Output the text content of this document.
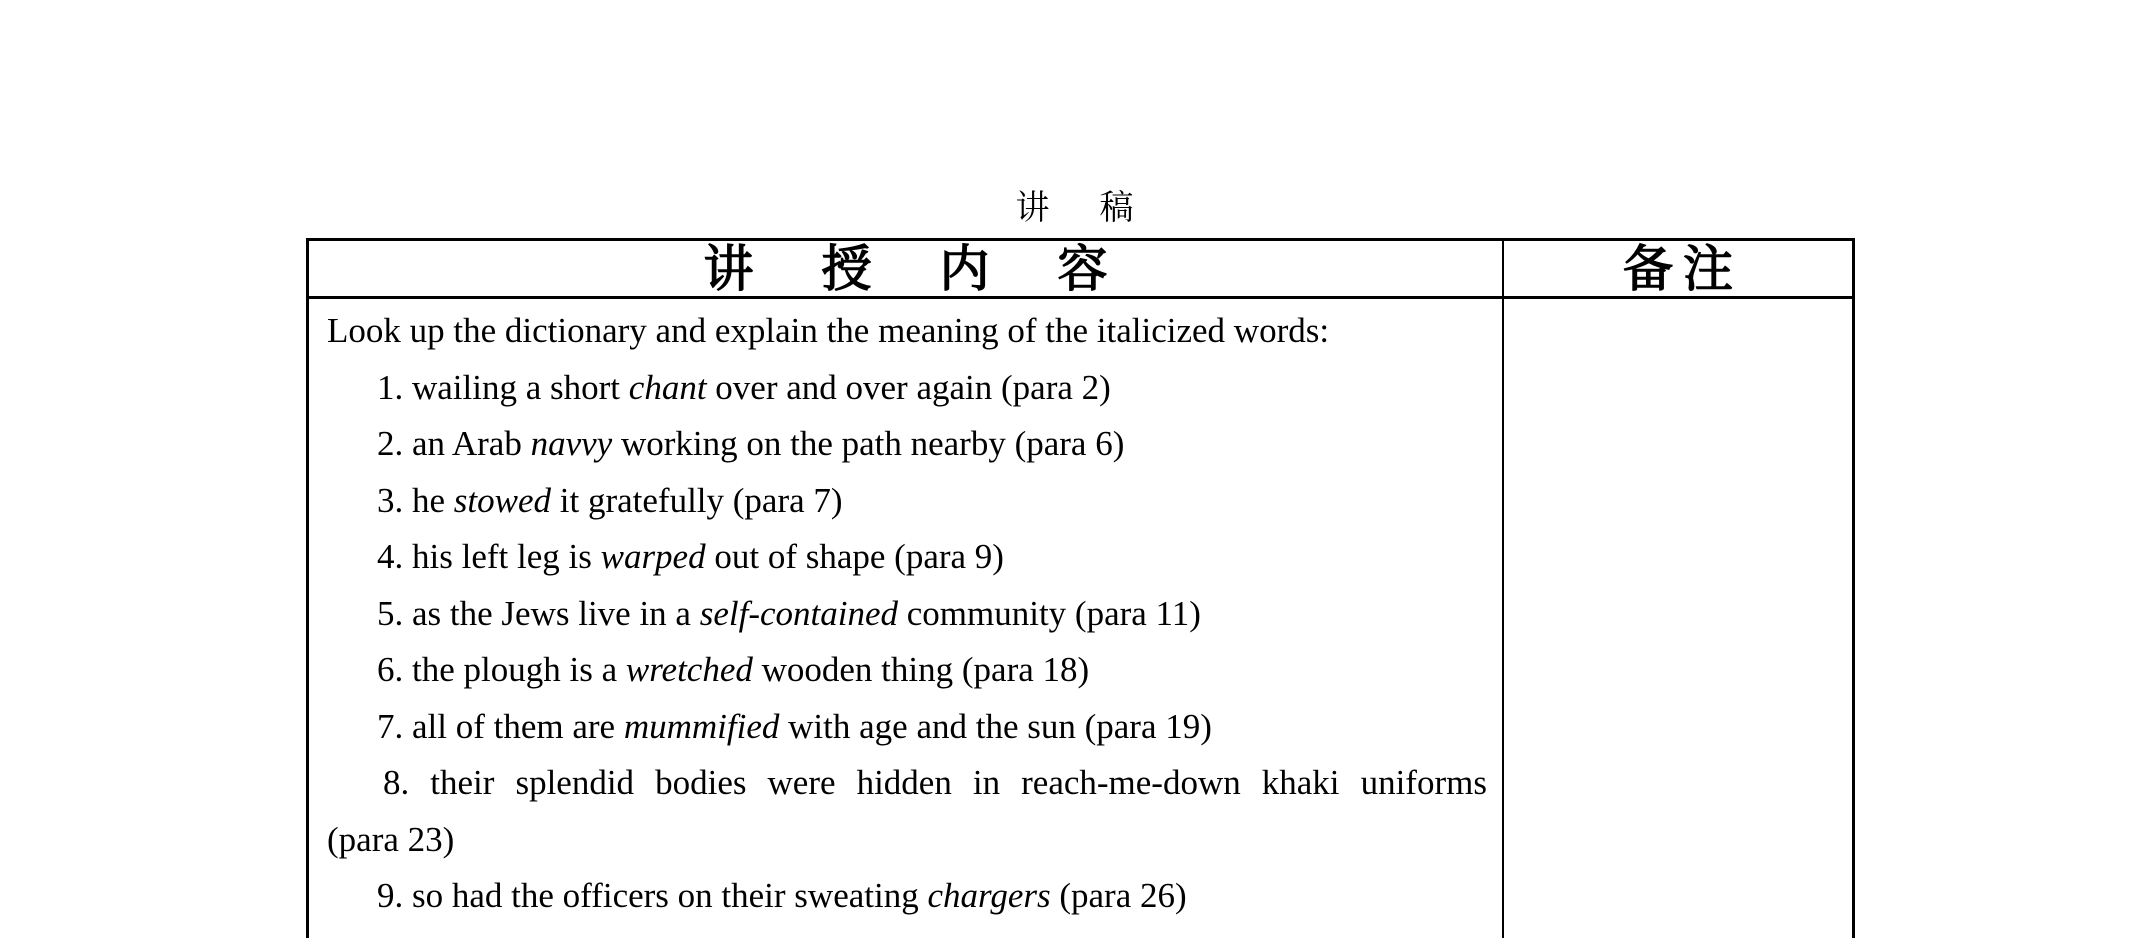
讲 稿
讲 授 内 容	备 注
Look up the dictionary and explain the meaning of the italicized words:
1. wailing a short chant over and over again (para 2)
2. an Arab navvy working on the path nearby (para 6)
3. he stowed it gratefully (para 7)
4. his left leg is warped out of shape (para 9)
5. as the Jews live in a self-contained community (para 11)
6. the plough is a wretched wooden thing (para 18)
7. all of them are mummified with age and the sun (para 19)
8. their splendid bodies were hidden in reach-me-down khaki uniforms
(para 23)
9. so had the officers on their sweating chargers (para 26)
